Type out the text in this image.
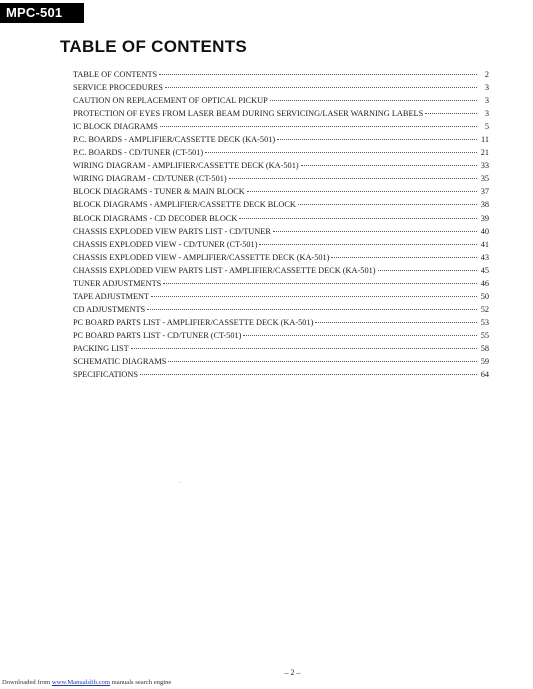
MPC-501
TABLE OF CONTENTS
TABLE OF CONTENTS	2
SERVICE PROCEDURES	3
CAUTION ON REPLACEMENT OF OPTICAL PICKUP	3
PROTECTION OF EYES FROM LASER BEAM DURING SERVICING/LASER WARNING LABELS	3
IC BLOCK DIAGRAMS	5
P.C. BOARDS - AMPLIFIER/CASSETTE DECK (KA-501)	11
P.C. BOARDS - CD/TUNER (CT-501)	21
WIRING DIAGRAM - AMPLIFIER/CASSETTE DECK (KA-501)	33
WIRING DIAGRAM - CD/TUNER (CT-501)	35
BLOCK DIAGRAMS - TUNER & MAIN BLOCK	37
BLOCK DIAGRAMS - AMPLIFIER/CASSETTE DECK BLOCK	38
BLOCK DIAGRAMS - CD DECODER BLOCK	39
CHASSIS EXPLODED VIEW PARTS LIST - CD/TUNER	40
CHASSIS EXPLODED VIEW - CD/TUNER (CT-501)	41
CHASSIS EXPLODED VIEW - AMPLIFIER/CASSETTE DECK (KA-501)	43
CHASSIS EXPLODED VIEW PARTS LIST - AMPLIFIER/CASSETTE DECK (KA-501)	45
TUNER ADJUSTMENTS	46
TAPE ADJUSTMENT	50
CD ADJUSTMENTS	52
PC BOARD PARTS LIST - AMPLIFIER/CASSETTE DECK (KA-501)	53
PC BOARD PARTS LIST - CD/TUNER (CT-501)	55
PACKING LIST	58
SCHEMATIC DIAGRAMS	59
SPECIFICATIONS	64
– 2 –
Downloaded from www.Manualslib.com manuals search engine
